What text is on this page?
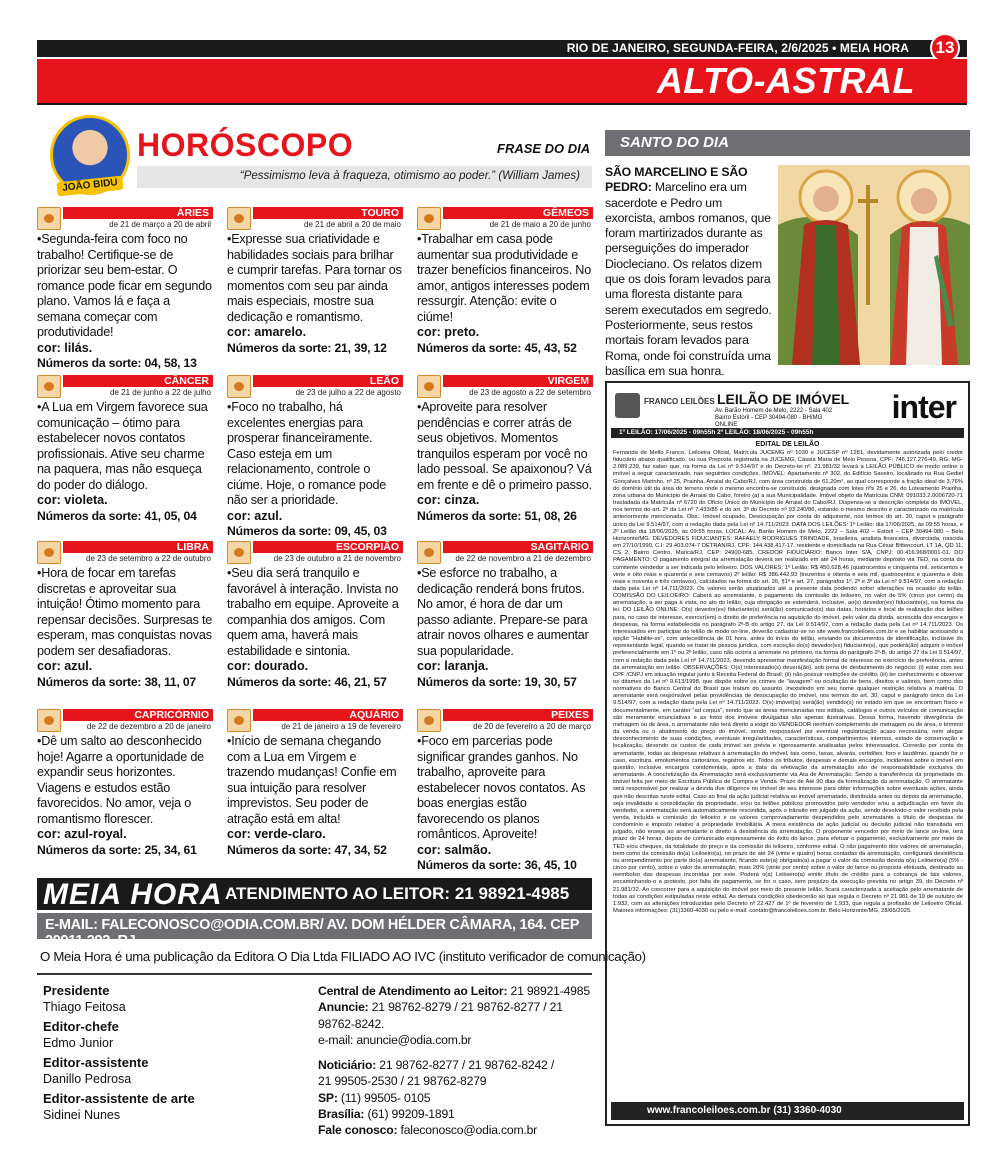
RIO DE JANEIRO, SEGUNDA-FEIRA, 2/6/2025 • MEIA HORA	13
ALTO-ASTRAL
JOÃO BIDU
HORÓSCOPO	FRASE DO DIA
“Pessimismo leva à fraqueza, otimismo ao poder.” (William James)
ÁRIES
de 21 de março a 20 de abril
•Segunda-feira com foco no trabalho! Certifique-se de priorizar seu bem-estar. O romance pode ficar em segundo plano. Vamos lá e faça a semana começar com produtividade!
cor: lilás.
Números da sorte: 04, 58, 13
TOURO
de 21 de abril a 20 de maio
•Expresse sua criatividade e habilidades sociais para brilhar e cumprir tarefas. Para tornar os momentos com seu par ainda mais especiais, mostre sua dedicação e romantismo.
cor: amarelo.
Números da sorte: 21, 39, 12
GÊMEOS
de 21 de maio a 20 de junho
•Trabalhar em casa pode aumentar sua produtividade e trazer benefícios financeiros. No amor, antigos interesses podem ressurgir. Atenção: evite o ciúme!
cor: preto.
Números da sorte: 45, 43, 52
CÂNCER
de 21 de junho a 22 de julho
•A Lua em Virgem favorece sua comunicação – ótimo para estabelecer novos contatos profissionais. Ative seu charme na paquera, mas não esqueça do poder do diálogo.
cor: violeta.
Números da sorte: 41, 05, 04
LEÃO
de 23 de julho a 22 de agosto
•Foco no trabalho, há excelentes energias para prosperar financeiramente. Caso esteja em um relacionamento, controle o ciúme. Hoje, o romance pode não ser a prioridade.
cor: azul.
Números da sorte: 09, 45, 03
VIRGEM
de 23 de agosto a 22 de setembro
•Aproveite para resolver pendências e correr atrás de seus objetivos. Momentos tranquilos esperam por você no lado pessoal. Se apaixonou? Vá em frente e dê o primeiro passo.
cor: cinza.
Números da sorte: 51, 08, 26
LIBRA
de 23 de setembro a 22 de outubro
•Hora de focar em tarefas discretas e aproveitar sua intuição! Ótimo momento para repensar decisões. Surpresas te esperam, mas conquistas novas podem ser desafiadoras.
cor: azul.
Números da sorte: 38, 11, 07
ESCORPIÃO
de 23 de outubro a 21 de novembro
•Seu dia será tranquilo e favorável à interação. Invista no trabalho em equipe. Aproveite a companhia dos amigos. Com quem ama, haverá mais estabilidade e sintonia.
cor: dourado.
Números da sorte: 46, 21, 57
SAGITÁRIO
de 22 de novembro a 21 de dezembro
•Se esforce no trabalho, a dedicação renderá bons frutos. No amor, é hora de dar um passo adiante. Prepare-se para atrair novos olhares e aumentar sua popularidade.
cor: laranja.
Números da sorte: 19, 30, 57
CAPRICÓRNIO
de 22 de dezembro a 20 de janeiro
•Dê um salto ao desconhecido hoje! Agarre a oportunidade de expandir seus horizontes. Viagens e estudos estão favorecidos. No amor, veja o romantismo florescer.
cor: azul-royal.
Números da sorte: 25, 34, 61
AQUÁRIO
de 21 de janeiro a 19 de fevereiro
•Início de semana chegando com a Lua em Virgem e trazendo mudanças! Confie em sua intuição para resolver imprevistos. Seu poder de atração está em alta!
cor: verde-claro.
Números da sorte: 47, 34, 52
PEIXES
de 20 de fevereiro a 20 de março
•Foco em parcerias pode significar grandes ganhos. No trabalho, aproveite para estabelecer novos contatos. As boas energias estão favorecendo os planos românticos. Aproveite!
cor: salmão.
Números da sorte: 36, 45, 10
SANTO DO DIA
SÃO MARCELINO E SÃO PEDRO: Marcelino era um sacerdote e Pedro um exorcista, ambos romanos, que foram martirizados durante as perseguições do imperador Diocleciano. Os relatos dizem que os dois foram levados para uma floresta distante para serem executados em segredo. Posteriormente, seus restos mortais foram levados para Roma, onde foi construída uma basílica em sua honra.
FRANCO LEILÕES LEILÃO DE IMÓVEL
Av. Barão Homem de Melo, 2222 - Sala 402 Bairro Estoril - CEP 30494-080 - BH/MG ONLINE	inter
1º LEILÃO: 17/06/2025 - 09h55h 2º LEILÃO: 18/06/2025 - 09h55h
EDITAL DE LEILÃO
Fernanda de Mello Franco, Leiloeira Oficial, Matrícula JUCEMG nº 1030 e JUCESP nº 1281, devidamente autorizada pelo credor fiduciário abaixo qualificado, ou sua Preposta registrada na JUCEMG, Cássia Maria de Melo Pessoa, CPF: 746.127.276-49, RG: MG-2.089.239, faz saber que, na forma da Lei nº 9.514/97 e do Decreto-lei nº. 21.981/32 levará a LEILÃO PÚBLICO de modo online o imóvel a seguir caracterizado, nas seguintes condições. IMÓVEL: Apartamento nº 302, do Edifício Saveiro, localizado na Rua Gediel Gonçalves Marinho, nº 25, Prainha, Arraial do Cabo/RJ, com área construída de 61,20m², ao qual corresponde a fração ideal de 3,76% do domínio útil da área do terreno onde o mesmo encontra-se construído, designada com lotes nºs 25 e 26, do Loteamento Prainha, zona urbana do Município de Arraial do Cabo, foreiro (a) a sua Municipalidade. Imóvel objeto da Matrícula CNM: 091033.2.0006720-71 trasladada da Matrícula nº 6720 do Ofício Único do Município de Arraial do Cabo/RJ. Dispensa-se a descrição completa do IMÓVEL, nos termos do art. 2º da Lei nº 7.433/85 e do art. 3º do Decreto nº 93.240/86, estando o mesmo descrito e caracterizado na matrícula anteriormente mencionada. Obs.: Imóvel ocupado. Desocupação por conta do adquirente, nos termos do art. 30, caput e parágrafo único da Lei 9.514/97, com a redação dada pela Lei nº 14.711/2023. DATA DOS LEILÕES: 1º Leilão: dia 17/06/2025, às 09:55 horas, e 2º Leilão dia 18/06/2025, às 09:55 horas. LOCAL: Av. Barão Homem de Melo, 2222 – Sala 402 – Estoril – CEP 30494-080 – Belo Horizonte/MG. DEVEDORES FIDUCIANTES: RAFAELY RODRIGUES TRINDADE, brasileira, analista financeira, divorciada, nascida em 27/10/1990, C.I: 29.403.074-7 DETRAN/RJ, CPF: 144.438.417-17, residente e domiciliada na Rua César Bittencourt, LT 1A, QD 11, CS 2, Bairro Centro, Maricá/RJ, CEP: 24900-685. CREDOR FIDUCIÁRIO: Banco Inter S/A, CNPJ: 00.416.968/0001-01. DO PAGAMENTO: O pagamento integral da arrematação deverá ser realizado em até 24 horas, mediante depósito via TED, na conta do comitente vendedor a ser indicada pelo leiloeiro. DOS VALORES: 1º Leilão: R$ 450.628,46 (quatrocentos e cinquenta mil, seiscentos e vinte e oito reais e quarenta e seis centavos) 2º leilão: R$ 386.442,93 (trezentos e oitenta e seis mil, quatrocentos e quarenta e dois reais e noventa e três centavos), calculados na forma do art. 26, §1º e art. 27, parágrafos 1º, 2º e 3º da Lei nº 9.514/97, com a redação dada pela Lei nº 14.711/2023. Os valores serão atualizados até a presente data podendo sofrer alterações na ocasião do leilão. COMISSÃO DO LEILOEIRO: Caberá ao arrematante, o pagamento da comissão do leiloeiro, no valor de 5% (cinco por cento) da arrematação, a ser paga à vista, no ato do leilão, cuja obrigação se estenderá, inclusive, ao(s) devedor(es) fiduciante(s), na forma da lei. DO LEILÃO ONLINE: O(s) devedor(es) fiduciante(s) será(ão) comunicado(s) das datas, horários e local de realização dos leilões para, no caso de interesse, exercer(em) o direito de preferência na aquisição do imóvel, pelo valor da dívida, acrescida dos encargos e despesas, na forma estabelecida no parágrafo 2º-B do artigo 27, da Lei 9.514/97, com a redação dada pela Lei nº 14.711/2023. Os interessados em participar do leilão de modo on-line, deverão cadastrar-se no site www.francoleiloes.com.br e se habilitar acessando a opção “Habilite-se”, com antecedência de 01 hora, antes do início do leilão, enviando os documentos de identificação, inclusive do representante legal, quando se tratar de pessoa jurídica, com exceção do(s) devedor(es) fiduciante(s), que poderá(ão) adquirir o imóvel preferencialmente em 1º ou 2º leilão, caso não ocorra a arremate no primeiro, na forma do parágrafo 2º-B, do artigo 27 da Lei 9.514/97, com a redação dada pela Lei nº 14.711/2023, devendo apresentar manifestação formal de interesse no exercício de preferência, antes da arrematação em leilão. OBSERVAÇÕES: O(s) interessado(s) deverá(ão), sob pena de desfazimento do negócio: (i) estar com seu CPF /CNPJ em situação regular junto à Receita Federal do Brasil; (ii) não possuir restrições de crédito; (iii) ter conhecimento e observar os ditames da Lei nº 9.613/1998, que dispõe sobre os crimes de “lavagem” ou ocultação de bens, direitos e valores, bem como dos normativos do Banco Central do Brasil que tratam do assunto, inexistindo em seu nome qualquer restrição relativa à matéria. O arrematante será responsável pelas providências de desocupação do imóvel, nos termos do art. 30, caput e parágrafo único da Lei 9.514/97, com a redação dada pela Lei nº 14.711/2023. O(s) imóvel(is) será(ão) vendido(s) no estado em que se encontram físico e documentalmente, em caráter “ad corpus”, sendo que as áreas mencionadas nos editais, catálogos e outros veículos de comunicação são meramente enunciativas e as fotos dos imóveis divulgadas são apenas ilustrativas. Dessa forma, havendo divergência de metragem ou de área, o arrematante não terá direito a exigir do VENDEDOR nenhum complemento de metragem ou de área, o término da venda ou o abatimento do preço do imóvel, sendo responsável por eventual regularização acaso necessária, nem alegar desconhecimento de suas condições, eventuais irregularidades, características, compartimentos internos, estado de conservação e localização, devendo os custos de cada imóvel ser prévia e rigorosamente analisadas pelos interessados. Correrão por conta do arrematante, todas as despesas relativas à arrematação do imóvel, tais como, taxas, alvarás, certidões, foro e laudêmio, quando for o caso, escritura, emolumentos cartorários, registros etc. Todos os tributos, despesas e demais encargos, incidentes sobre o imóvel em questão, inclusive encargos condominiais, após a data da efetivação da arrematação são de responsabilidade exclusiva do arrematante. A concretização da Arrematação será exclusivamente via Ata de Arrematação. Sendo a transferência da propriedade do imóvel feita por meio de Escritura Pública de Compra e Venda. Prazo de Até 90 dias da formalização da arrematação. O arrematante será responsável por realizar a devida due diligence no imóvel de seu interesse para obter informações sobre eventuais ações, ainda que não descritas neste edital. Caso ao final da ação judicial relativa ao imóvel arrematado, distribuída antes ou depois da arrematação, seja invalidada a consolidação da propriedade, e/ou os leilões públicos promovidos pelo vendedor e/ou a adjudicação em favor do vendedor, a arrematação será automaticamente rescindida, após o trânsito em julgado da ação, sendo devolvido o valor recebido pela venda, incluída a comissão do leiloeiro e os valores comprovadamente despendidos pelo arrematante a título de despesas de condomínio e imposto relativo à propriedade imobiliária. A mera existência de ação judicial ou decisão judicial não transitada em julgado, não enseja ao arrematante o direito à desistência da arrematação. O proponente vencedor por meio de lance on-line, terá prazo de 24 horas, depois de comunicado expressamente do êxito do lance, para efetuar o pagamento, exclusivamente por meio de TED e/ou cheques, da totalidade do preço e da comissão do leiloeiro, conforme edital. O não pagamento dos valores de arrematação, bem como da comissão do(a) Leiloeiro(a), no prazo de até 24 (vinte e quatro) horas contadas da arrematação, configurará desistência ou arrependimento por parte do(a) arrematante, ficando este(a) obrigado(a) a pagar o valor da comissão devida o(a) Leiloeiro(a) (5% - cinco por cento), sobre o valor da arrematação, mais 20% (vinte por cento) sobre o valor do lance ou proposta efetuada, destinado ao reembolso das despesas incorridas por este. Poderá o(a) Leiloeiro(a) emitir título de crédito para a cobrança de tais valores, encaminhando-o a protesto, por falta de pagamento, se for o caso, sem prejuízo da execução prevista no artigo 39, do Decreto nº 21.981/32. Ao concorrer para a aquisição do imóvel por meio do presente leilão, ficará caracterizada a aceitação pelo arrematante de todas as condições estipuladas neste edital. As demais condições obedecerão ao que regula o Decreto nº 21.981 de 19 de outubro de 1.932, com as alterações introduzidas pelo Decreto nº 22.427 de 1º de fevereiro de 1.933, que regula a profissão de Leiloeiro Oficial. Maiores informações: (31)3360-4030 ou pelo e-mail: contato@francoleiloes.com.br. Belo Horizonte/MG, 28/05/2025.
www.francoleiloes.com.br (31) 3360-4030
MEIA HORA ATENDIMENTO AO LEITOR: 21 98921-4985
E-MAIL: FALECONOSCO@ODIA.COM.BR/ AV. DOM HÉLDER CÂMARA, 164. CEP 20911.292, RJ
O Meia Hora é uma publicação da Editora O Dia Ltda FILIADO AO IVC (instituto verificador de comunicação)
Presidente
Thiago Feitosa
Editor-chefe
Edmo Junior
Editor-assistente
Danillo Pedrosa
Editor-assistente de arte
Sidinei Nunes
Central de Atendimento ao Leitor: 21 98921-4985
Anuncie: 21 98762-8279 / 21 98762-8277 / 21 98762-8242.
e-mail: anuncie@odia.com.br
Noticiário: 21 98762-8277 / 21 98762-8242 /
21 99505-2530 / 21 98762-8279
SP: (11) 99505- 0105
Brasília: (61) 99209-1891
Fale conosco: faleconosco@odia.com.br
